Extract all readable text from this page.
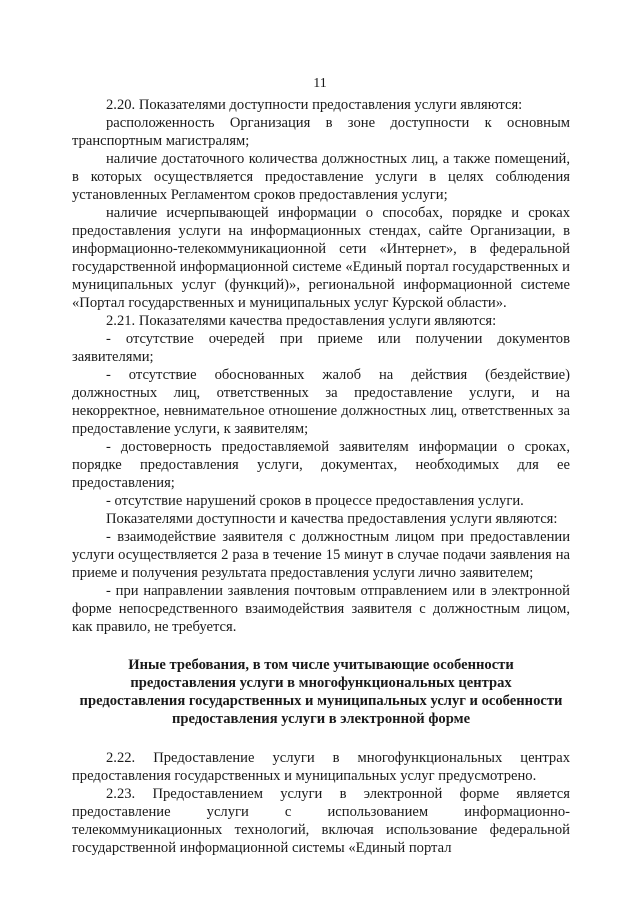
11

2.20. Показателями доступности предоставления услуги являются:

расположенность Организация в зоне доступности к основным транспортным магистралям;

наличие достаточного количества должностных лиц, а также помещений, в которых осуществляется предоставление услуги в целях соблюдения установленных Регламентом сроков предоставления услуги;

наличие исчерпывающей информации о способах, порядке и сроках предоставления услуги на информационных стендах, сайте Организации, в информационно-телекоммуникационной сети «Интернет», в федеральной государственной информационной системе «Единый портал государственных и муниципальных услуг (функций)», региональной информационной системе «Портал государственных и муниципальных услуг Курской области».

2.21. Показателями качества предоставления услуги являются:

- отсутствие очередей при приеме или получении документов заявителями;

- отсутствие обоснованных жалоб на действия (бездействие) должностных лиц, ответственных за предоставление услуги, и на некорректное, невнимательное отношение должностных лиц, ответственных за предоставление услуги, к заявителям;

- достоверность предоставляемой заявителям информации о сроках, порядке предоставления услуги, документах, необходимых для ее предоставления;

- отсутствие нарушений сроков в процессе предоставления услуги.

Показателями доступности и качества предоставления услуги являются:

- взаимодействие заявителя с должностным лицом при предоставлении услуги осуществляется 2 раза в течение 15 минут в случае подачи заявления на приеме и получения результата предоставления услуги лично заявителем;

- при направлении заявления почтовым отправлением или в электронной форме непосредственного взаимодействия заявителя с должностным лицом, как правило, не требуется.

Иные требования, в том числе учитывающие особенности
предоставления услуги в многофункциональных центрах
предоставления государственных и муниципальных услуг и особенности
предоставления услуги в электронной форме

2.22. Предоставление услуги в многофункциональных центрах предоставления государственных и муниципальных услуг предусмотрено.

2.23. Предоставлением услуги в электронной форме является предоставление услуги с использованием информационно-телекоммуникационных технологий, включая использование федеральной государственной информационной системы «Единый портал
